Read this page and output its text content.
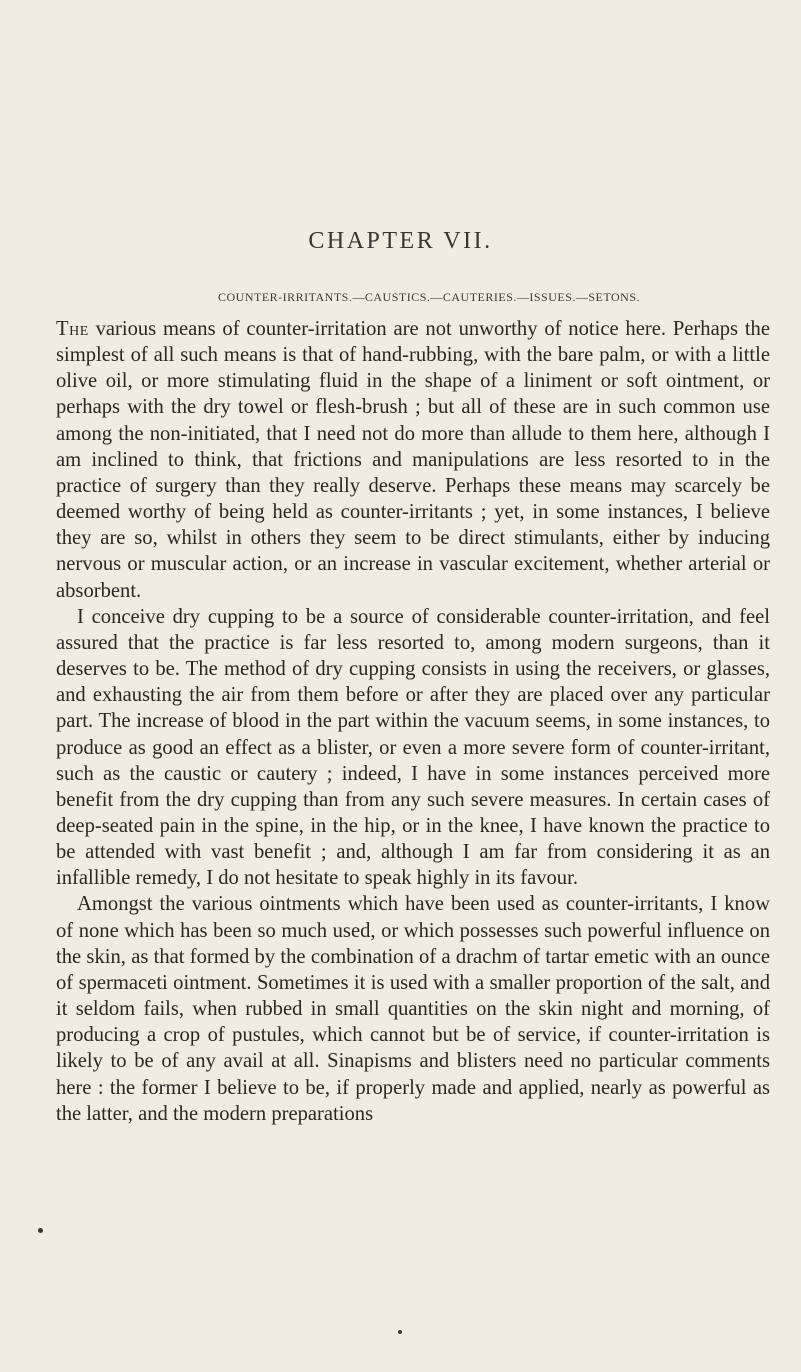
CHAPTER VII.
COUNTER-IRRITANTS.—CAUSTICS.—CAUTERIES.—ISSUES.—SETONS.

The various means of counter-irritation are not unworthy of notice here. Perhaps the simplest of all such means is that of hand-rubbing, with the bare palm, or with a little olive oil, or more stimulating fluid in the shape of a liniment or soft ointment, or perhaps with the dry towel or flesh-brush ; but all of these are in such common use among the non-initiated, that I need not do more than allude to them here, although I am inclined to think, that frictions and manipulations are less resorted to in the practice of surgery than they really deserve. Perhaps these means may scarcely be deemed worthy of being held as counter-irritants ; yet, in some instances, I believe they are so, whilst in others they seem to be direct stimulants, either by inducing nervous or muscular action, or an increase in vascular excitement, whether arterial or absorbent.

I conceive dry cupping to be a source of considerable counter-irritation, and feel assured that the practice is far less resorted to, among modern surgeons, than it deserves to be. The method of dry cupping consists in using the receivers, or glasses, and exhausting the air from them before or after they are placed over any particular part. The increase of blood in the part within the vacuum seems, in some instances, to produce as good an effect as a blister, or even a more severe form of counter-irritant, such as the caustic or cautery ; indeed, I have in some instances perceived more benefit from the dry cupping than from any such severe measures. In certain cases of deep-seated pain in the spine, in the hip, or in the knee, I have known the practice to be attended with vast benefit ; and, although I am far from considering it as an infallible remedy, I do not hesitate to speak highly in its favour.

Amongst the various ointments which have been used as counter-irritants, I know of none which has been so much used, or which possesses such powerful influence on the skin, as that formed by the combination of a drachm of tartar emetic with an ounce of spermaceti ointment. Sometimes it is used with a smaller proportion of the salt, and it seldom fails, when rubbed in small quantities on the skin night and morning, of producing a crop of pustules, which cannot but be of service, if counter-irritation is likely to be of any avail at all. Sinapisms and blisters need no particular comments here : the former I believe to be, if properly made and applied, nearly as powerful as the latter, and the modern preparations
